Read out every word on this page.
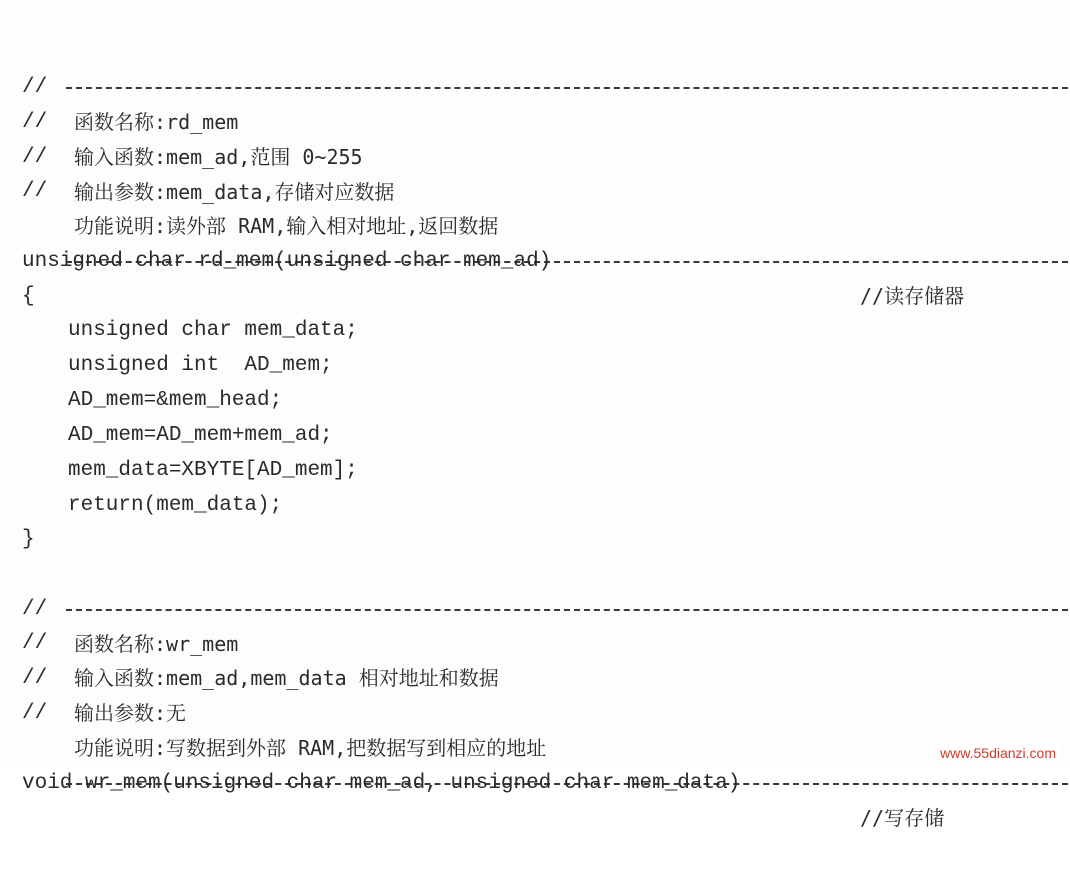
//

函数名称:rd_mem

//

输入函数:mem_ad,范围 0~255

//

输出参数:mem_data,存储对应数据

//

功能说明:读外部 RAM,输入相对地址,返回数据

unsigned char rd_mem(unsigned char mem_ad)

//读存储器

{

unsigned char mem_data;

unsigned int  AD_mem;

AD_mem=&mem_head;

AD_mem=AD_mem+mem_ad;

mem_data=XBYTE[AD_mem];

return(mem_data);

}

//

函数名称:wr_mem

//

输入函数:mem_ad,mem_data 相对地址和数据

//

输出参数:无

//

功能说明:写数据到外部 RAM,把数据写到相应的地址

void wr_mem(unsigned char mem_ad, unsigned char mem_data)

//写存储

www.55dianzi.com
